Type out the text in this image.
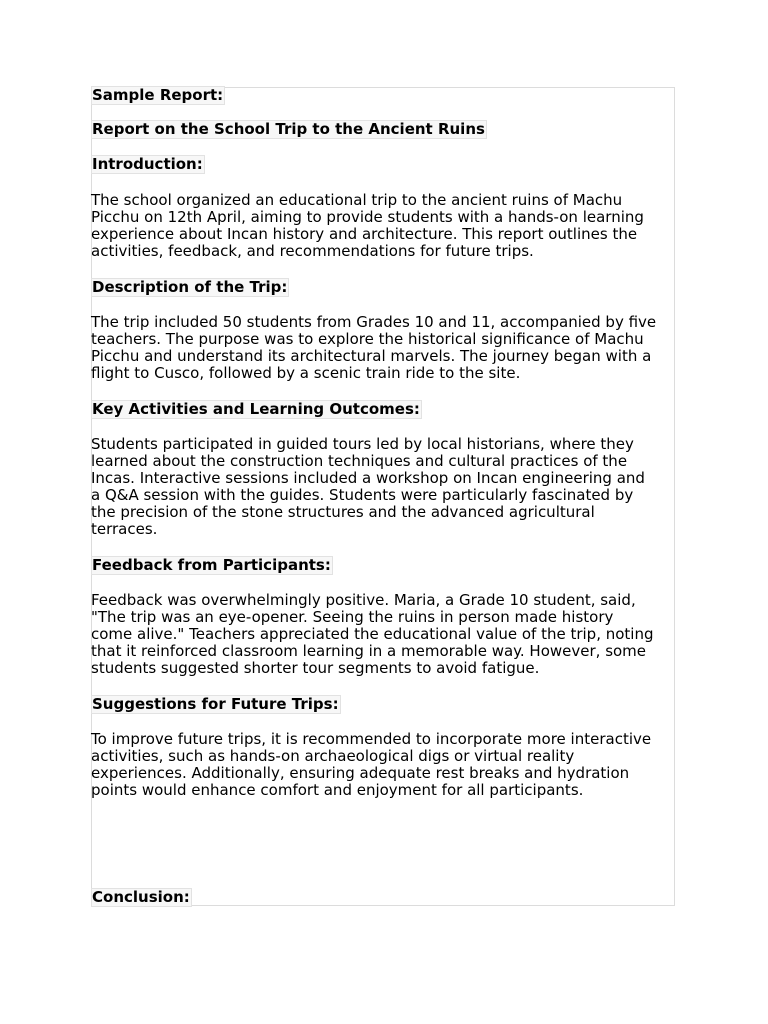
Sample Report:
Report on the School Trip to the Ancient Ruins
Introduction:

The school organized an educational trip to the ancient ruins of Machu
Picchu on 12th April, aiming to provide students with a hands-on learning
experience about Incan history and architecture. This report outlines the
activities, feedback, and recommendations for future trips.

Description of the Trip:

The trip included 50 students from Grades 10 and 11, accompanied by five
teachers. The purpose was to explore the historical significance of Machu
Picchu and understand its architectural marvels. The journey began with a
flight to Cusco, followed by a scenic train ride to the site.

Key Activities and Learning Outcomes:

Students participated in guided tours led by local historians, where they
learned about the construction techniques and cultural practices of the
Incas. Interactive sessions included a workshop on Incan engineering and
a Q&A session with the guides. Students were particularly fascinated by
the precision of the stone structures and the advanced agricultural
terraces.

Feedback from Participants:

Feedback was overwhelmingly positive. Maria, a Grade 10 student, said,
"The trip was an eye-opener. Seeing the ruins in person made history
come alive." Teachers appreciated the educational value of the trip, noting
that it reinforced classroom learning in a memorable way. However, some
students suggested shorter tour segments to avoid fatigue.

Suggestions for Future Trips:

To improve future trips, it is recommended to incorporate more interactive
activities, such as hands-on archaeological digs or virtual reality
experiences. Additionally, ensuring adequate rest breaks and hydration
points would enhance comfort and enjoyment for all participants.

Conclusion:
